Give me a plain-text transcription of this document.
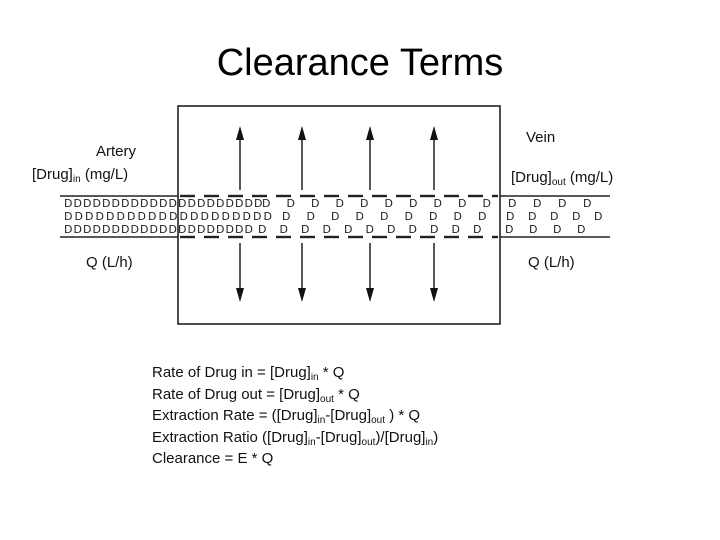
Clearance Terms
D D D D D D D D D D D D D D D D D D D D D D D D D D D D D D D D D D D
D D D D D D D D D D D D D D D D D D D D D D D D D D D D D D D D D D
D D D D D D D D D D D D D D D D D D D D D D D D D D D D D D D D D D D
Artery
$[Drug]_{in}$ (mg/L)
Q (L/h)
Vein
$[Drug]_{out}$ (mg/L)
Q (L/h)
Rate of Drug in = $[Drug]_{in}$ * Q
Rate of Drug out = $[Drug]_{out}$ * Q
Extraction Rate = ($[Drug]_{in}-[Drug]_{out}$ ) * Q
Extraction Ratio $([Drug]_{in}-[Drug]_{out})/[Drug]_{in}$)
Clearance = E * Q
